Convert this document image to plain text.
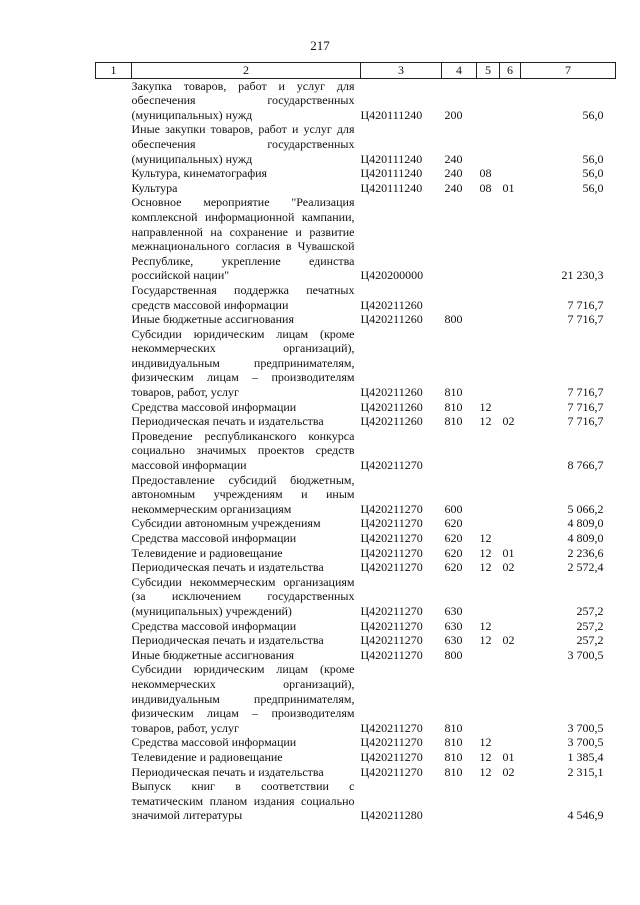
217
1	2	3	4	5	6	7
	Закупка товаров, работ и услуг для обеспечения государственных (муниципальных) нужд	Ц420111240	200			56,0
	Иные закупки товаров, работ и услуг для обеспечения государственных (муниципальных) нужд	Ц420111240	240			56,0
	Культура, кинематография	Ц420111240	240	08		56,0
	Культура	Ц420111240	240	08	01	56,0
	Основное мероприятие "Реализация комплексной информационной кампании, направленной на сохранение и развитие межнационального согласия в Чувашской Республике, укрепление единства российской нации"	Ц420200000				21 230,3
	Государственная поддержка печатных средств массовой информации	Ц420211260				7 716,7
	Иные бюджетные ассигнования	Ц420211260	800			7 716,7
	Субсидии юридическим лицам (кроме некоммерческих организаций), индивидуальным предпринимателям, физическим лицам – производителям товаров, работ, услуг	Ц420211260	810			7 716,7
	Средства массовой информации	Ц420211260	810	12		7 716,7
	Периодическая печать и издательства	Ц420211260	810	12	02	7 716,7
	Проведение республиканского конкурса социально значимых проектов средств массовой информации	Ц420211270				8 766,7
	Предоставление субсидий бюджетным, автономным учреждениям и иным некоммерческим организациям	Ц420211270	600			5 066,2
	Субсидии автономным учреждениям	Ц420211270	620			4 809,0
	Средства массовой информации	Ц420211270	620	12		4 809,0
	Телевидение и радиовещание	Ц420211270	620	12	01	2 236,6
	Периодическая печать и издательства	Ц420211270	620	12	02	2 572,4
	Субсидии некоммерческим организациям (за исключением государственных (муниципальных) учреждений)	Ц420211270	630			257,2
	Средства массовой информации	Ц420211270	630	12		257,2
	Периодическая печать и издательства	Ц420211270	630	12	02	257,2
	Иные бюджетные ассигнования	Ц420211270	800			3 700,5
	Субсидии юридическим лицам (кроме некоммерческих организаций), индивидуальным предпринимателям, физическим лицам – производителям товаров, работ, услуг	Ц420211270	810			3 700,5
	Средства массовой информации	Ц420211270	810	12		3 700,5
	Телевидение и радиовещание	Ц420211270	810	12	01	1 385,4
	Периодическая печать и издательства	Ц420211270	810	12	02	2 315,1
	Выпуск книг в соответствии с тематическим планом издания социально значимой литературы	Ц420211280				4 546,9
